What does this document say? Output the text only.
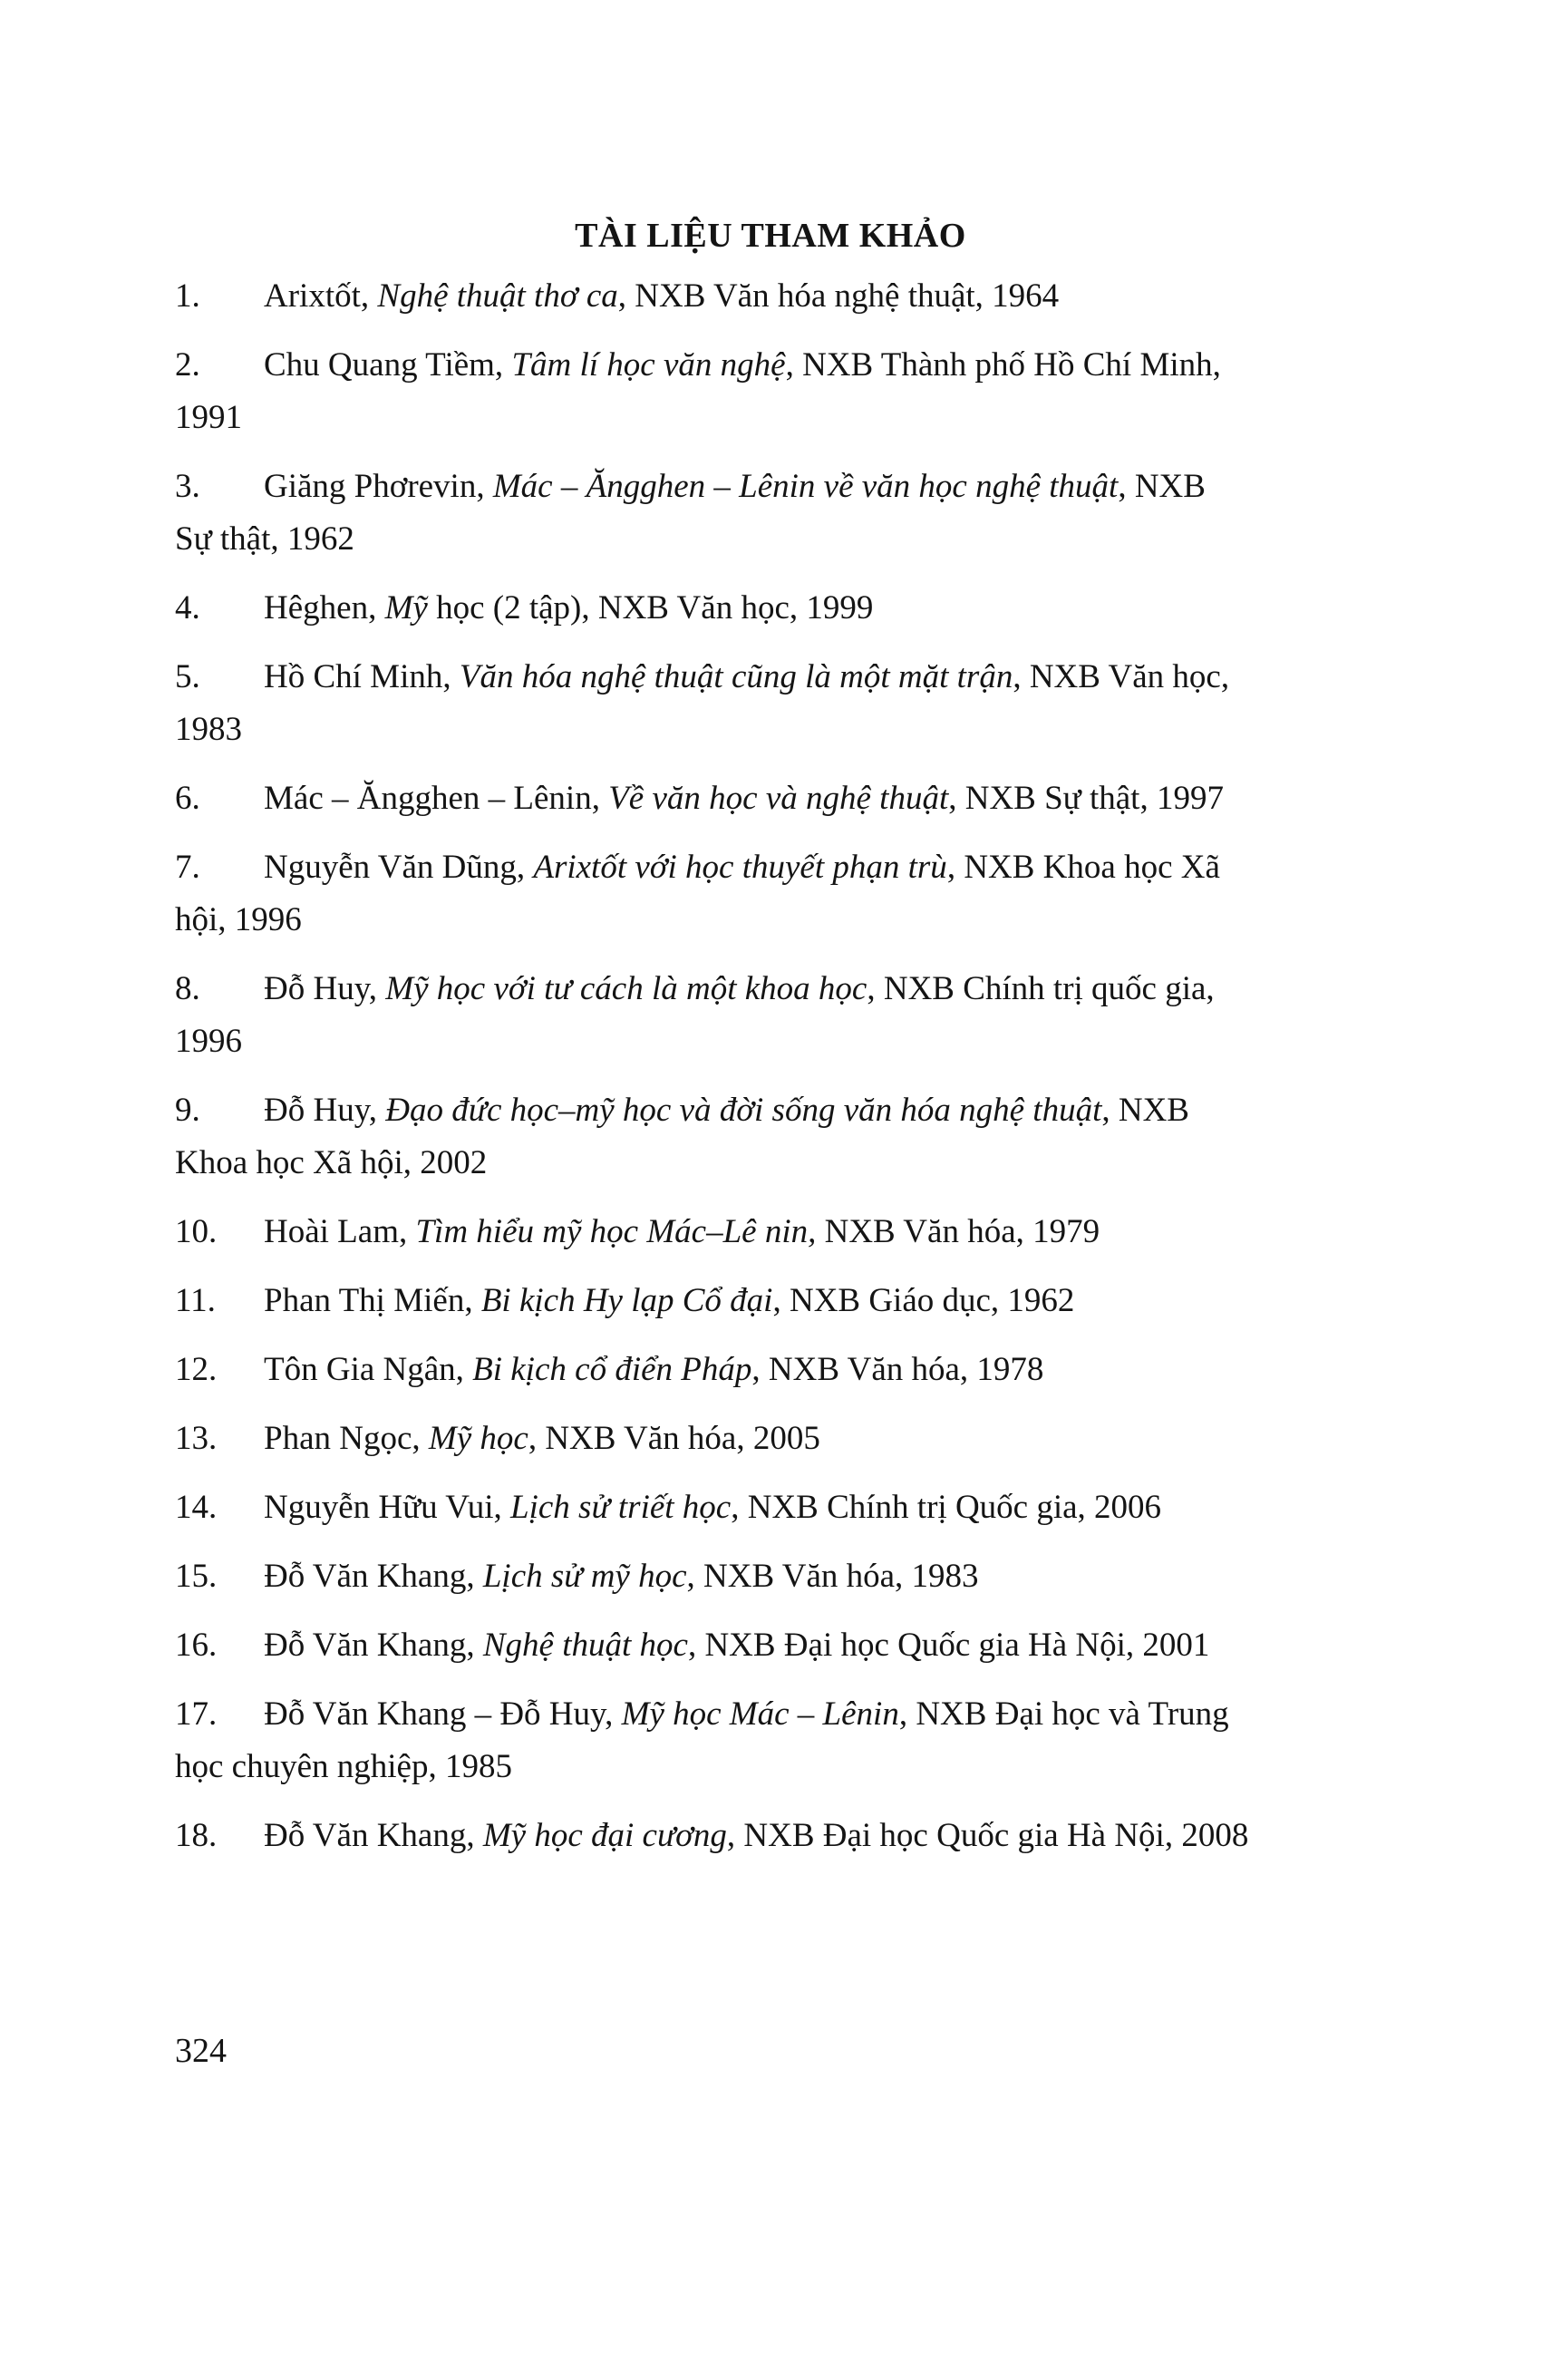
TÀI LIỆU THAM KHẢO
1. Arixtốt, Nghệ thuật thơ ca, NXB Văn hóa nghệ thuật, 1964
2. Chu Quang Tiềm, Tâm lí học văn nghệ, NXB Thành phố Hồ Chí Minh,
1991
3. Giăng Phơrevin, Mác – Ăngghen – Lênin về văn học nghệ thuật, NXB
Sự thật, 1962
4. Hêghen, Mỹ học (2 tập), NXB Văn học, 1999
5. Hồ Chí Minh, Văn hóa nghệ thuật cũng là một mặt trận, NXB Văn học,
1983
6. Mác – Ăngghen – Lênin, Về văn học và nghệ thuật, NXB Sự thật, 1997
7. Nguyễn Văn Dũng, Arixtốt với học thuyết phạn trù, NXB Khoa học Xã
hội, 1996
8. Đỗ Huy, Mỹ học với tư cách là một khoa học, NXB Chính trị quốc gia,
1996
9. Đỗ Huy, Đạo đức học–mỹ học và đời sống văn hóa nghệ thuật, NXB
Khoa học Xã hội, 2002
10. Hoài Lam, Tìm hiểu mỹ học Mác–Lê nin, NXB Văn hóa, 1979
11. Phan Thị Miến, Bi kịch Hy lạp Cổ đại, NXB Giáo dục, 1962
12. Tôn Gia Ngân, Bi kịch cổ điển Pháp, NXB Văn hóa, 1978
13. Phan Ngọc, Mỹ học, NXB Văn hóa, 2005
14. Nguyễn Hữu Vui, Lịch sử triết học, NXB Chính trị Quốc gia, 2006
15. Đỗ Văn Khang, Lịch sử mỹ học, NXB Văn hóa, 1983
16. Đỗ Văn Khang, Nghệ thuật học, NXB Đại học Quốc gia Hà Nội, 2001
17. Đỗ Văn Khang – Đỗ Huy, Mỹ học Mác – Lênin, NXB Đại học và Trung
học chuyên nghiệp, 1985
18. Đỗ Văn Khang, Mỹ học đại cương, NXB Đại học Quốc gia Hà Nội, 2008
324
